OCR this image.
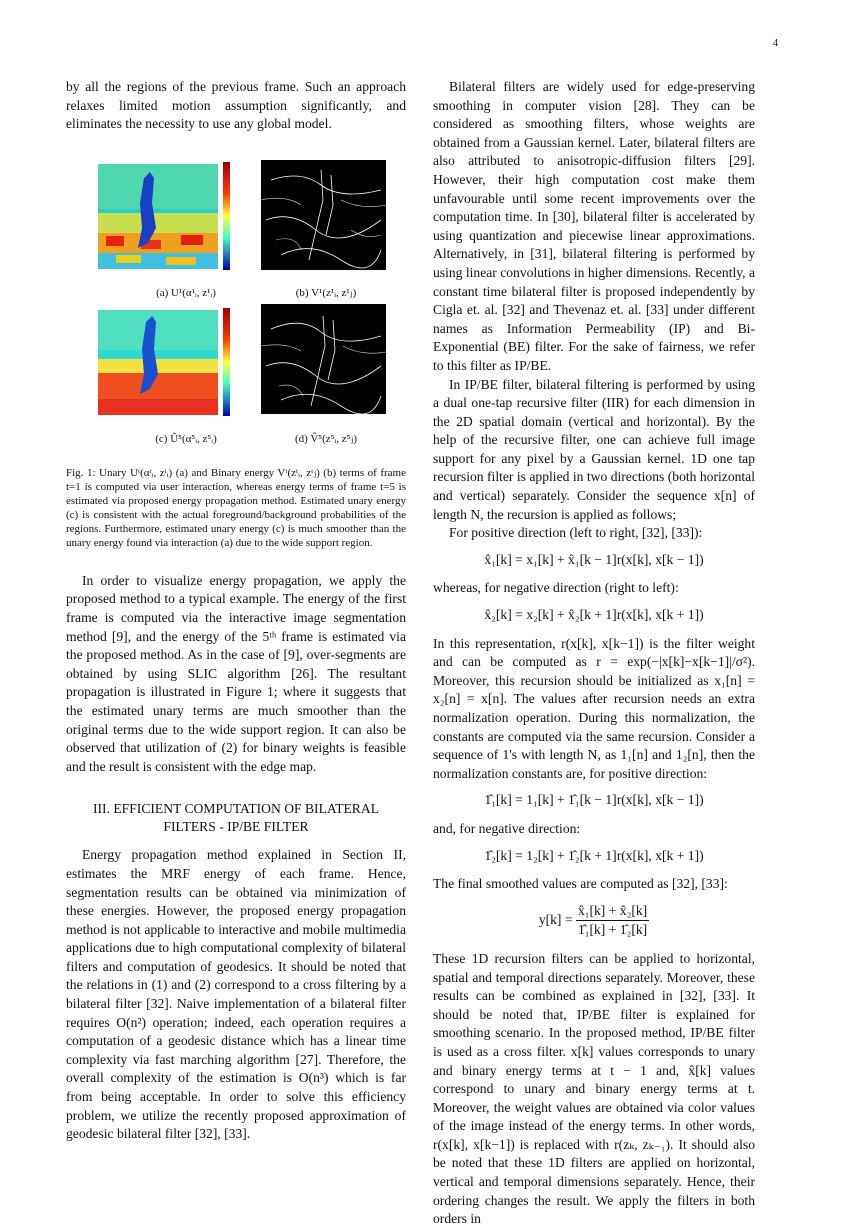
4

by all the regions of the previous frame. Such an approach relaxes limited motion assumption significantly, and eliminates the necessity to use any global model.

(a) U¹(α¹ᵢ, z¹ᵢ)	(b) V¹(z¹ᵢ, z¹ⱼ)
(c) Û⁵(α⁵ᵢ, z⁵ᵢ)	(d) V̂⁵(z⁵ᵢ, z⁵ⱼ)

Fig. 1: Unary Uᵗ(αᵗᵢ, zᵗᵢ) (a) and Binary energy Vᵗ(zᵗᵢ, zᵗⱼ) (b) terms of frame t=1 is computed via user interaction, whereas energy terms of frame t=5 is estimated via proposed energy propagation method. Estimated unary energy (c) is consistent with the actual foreground/background probabilities of the regions. Furthermore, estimated unary energy (c) is much smoother than the unary energy found via interaction (a) due to the wide support region.

In order to visualize energy propagation, we apply the proposed method to a typical example. The energy of the first frame is computed via the interactive image segmentation method [9], and the energy of the 5ᵗʰ frame is estimated via the proposed method. As in the case of [9], over-segments are obtained by using SLIC algorithm [26]. The resultant propagation is illustrated in Figure 1; where it suggests that the estimated unary terms are much smoother than the original terms due to the wide support region. It can also be observed that utilization of (2) for binary weights is feasible and the result is consistent with the edge map.

III. EFFICIENT COMPUTATION OF BILATERAL FILTERS - IP/BE FILTER

Energy propagation method explained in Section II, estimates the MRF energy of each frame. Hence, segmentation results can be obtained via minimization of these energies. However, the proposed energy propagation method is not applicable to interactive and mobile multimedia applications due to high computational complexity of bilateral filters and computation of geodesics. It should be noted that the relations in (1) and (2) correspond to a cross filtering by a bilateral filter [32]. Naive implementation of a bilateral filter requires O(n²) operation; indeed, each operation requires a computation of a geodesic distance which has a linear time complexity via fast marching algorithm [27]. Therefore, the overall complexity of the estimation is O(n³) which is far from being acceptable. In order to solve this efficiency problem, we utilize the recently proposed approximation of geodesic bilateral filter [32], [33].

Bilateral filters are widely used for edge-preserving smoothing in computer vision [28]. They can be considered as smoothing filters, whose weights are obtained from a Gaussian kernel. Later, bilateral filters are also attributed to anisotropic-diffusion filters [29]. However, their high computation cost make them unfavourable until some recent improvements over the computation time. In [30], bilateral filter is accelerated by using quantization and piecewise linear approximations. Alternatively, in [31], bilateral filtering is performed by using linear convolutions in higher dimensions. Recently, a constant time bilateral filter is proposed independently by Cigla et. al. [32] and Thevenaz et. al. [33] under different names as Information Permeability (IP) and Bi-Exponential (BE) filter. For the sake of fairness, we refer to this filter as IP/BE.

In IP/BE filter, bilateral filtering is performed by using a dual one-tap recursive filter (IIR) for each dimension in the 2D spatial domain (vertical and horizontal). By the help of the recursive filter, one can achieve full image support for any pixel by a Gaussian kernel. 1D one tap recursion filter is applied in two directions (both horizontal and vertical) separately. Consider the sequence x[n] of length N, the recursion is applied as follows;

For positive direction (left to right, [32], [33]):

x̂₁[k] = x₁[k] + x̂₁[k − 1]r(x[k], x[k − 1])

whereas, for negative direction (right to left):

x̂₂[k] = x₂[k] + x̂₂[k + 1]r(x[k], x[k + 1])

In this representation, r(x[k], x[k−1]) is the filter weight and can be computed as r = exp(−|x[k]−x[k−1]|/σ²). Moreover, this recursion should be initialized as x₁[n] = x₂[n] = x[n]. The values after recursion needs an extra normalization operation. During this normalization, the constants are computed via the same recursion. Consider a sequence of 1's with length N, as 1₁[n] and 1₂[n], then the normalization constants are, for positive direction:

1̂₁[k] = 1₁[k] + 1̂₁[k − 1]r(x[k], x[k − 1])

and, for negative direction:

1̂₂[k] = 1₂[k] + 1̂₂[k + 1]r(x[k], x[k + 1])

The final smoothed values are computed as [32], [33]:

$y[k] = \frac{\text{x̂₁[k] + x̂₂[k]}}{\text{1̂₁[k] + 1̂₂[k]}}$

These 1D recursion filters can be applied to horizontal, spatial and temporal directions separately. Moreover, these results can be combined as explained in [32], [33]. It should be noted that, IP/BE filter is explained for smoothing scenario. In the proposed method, IP/BE filter is used as a cross filter. x[k] values corresponds to unary and binary energy terms at t − 1 and, x̂[k] values correspond to unary and binary energy terms at t. Moreover, the weight values are obtained via color values of the image instead of the energy terms. In other words, r(x[k], x[k−1]) is replaced with r(zₖ, zₖ₋₁). It should also be noted that these 1D filters are applied on horizontal, vertical and temporal dimensions separately. Hence, their ordering changes the result. We apply the filters in both orders in
